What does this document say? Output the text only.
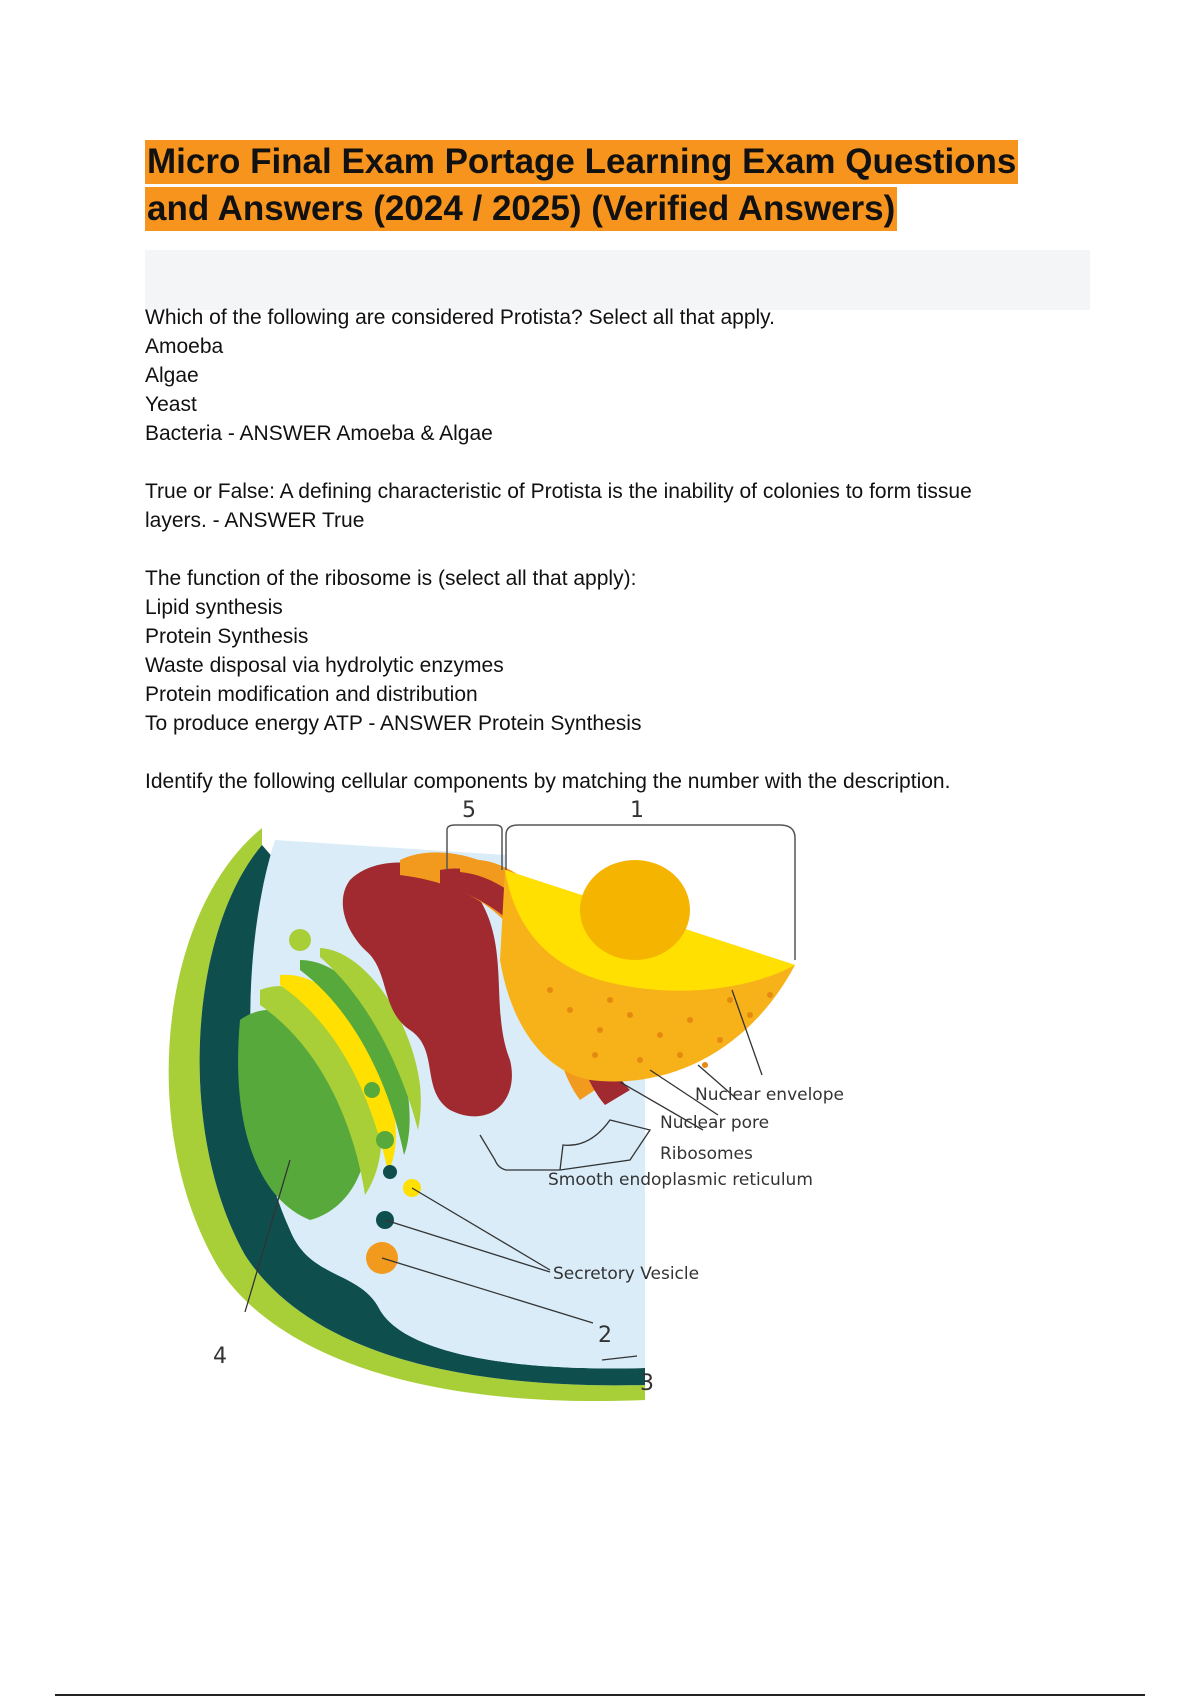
Micro Final Exam Portage Learning Exam Questions
and Answers (2024 / 2025) (Verified Answers)

Which of the following are considered Protista? Select all that apply.

Amoeba

Algae

Yeast

Bacteria - ANSWER Amoeba & Algae

True or False: A defining characteristic of Protista is the inability of colonies to form tissue

layers. - ANSWER True

The function of the ribosome is (select all that apply):

Lipid synthesis

Protein Synthesis

Waste disposal via hydrolytic enzymes

Protein modification and distribution

To produce energy ATP - ANSWER Protein Synthesis

Identify the following cellular components by matching the number with the description.

5	1
Nuclear envelope
Nuclear pore
Ribosomes
Smooth endoplasmic reticulum
Secretory Vesicle
2
3
4
